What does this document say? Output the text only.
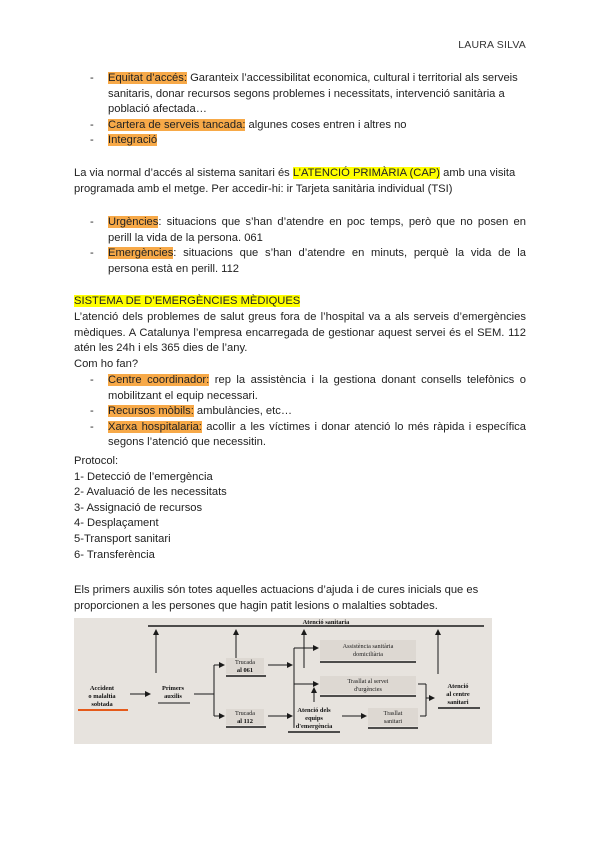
LAURA SILVA
- Equitat d’accés: Garanteix l’accessibilitat economica, cultural i territorial als serveis sanitaris, donar recursos segons problemes i necessitats, intervenció sanitària a població afectada…
- Cartera de serveis tancada: algunes coses entren i altres no
- Integració
La via normal d’accés al sistema sanitari és L’ATENCIÓ PRIMÀRIA (CAP) amb una visita programada amb el metge. Per accedir-hi: ir Tarjeta sanitària individual (TSI)
- Urgències: situacions que s’han d’atendre en poc temps, però que no posen en perill la vida de la persona. 061
- Emergències: situacions que s’han d’atendre en minuts, perquè la vida de la persona està en perill. 112
SISTEMA DE D’EMERGÈNCIES MÈDIQUES
L’atenció dels problemes de salut greus fora de l’hospital va a als serveis d’emergències mèdiques. A Catalunya l’empresa encarregada de gestionar aquest servei és el SEM. 112 atén les 24h i els 365 dies de l’any.
Com ho fan?
- Centre coordinador: rep la assistència i la gestiona donant consells telefònics o mobilitzant el equip necessari.
- Recursos mòbils: ambulàncies, etc…
- Xarxa hospitalaria: acollir a les víctimes i donar atenció lo més ràpida i específica segons l’atenció que necessitin.
Protocol:
1- Detecció de l’emergència
2- Avaluació de les necessitats
3- Assignació de recursos
4- Desplaçament
5-Transport sanitari
6- Transferència
Els primers auxilis són totes aquelles actuacions d’ajuda i de cures inicials que es proporcionen a les persones que hagin patit lesions o malalties sobtades.
Atenció sanitaria
Accident
o malaltia
sobtada
Primers
auxilis
Trucada
al 061
Trucada
al 112
Assistència sanitària
domiciliària
Trasllat al servei
d'urgències
Atenció dels
equips
d'emergència
Trasllat
sanitari
Atenció
al centre
sanitari
